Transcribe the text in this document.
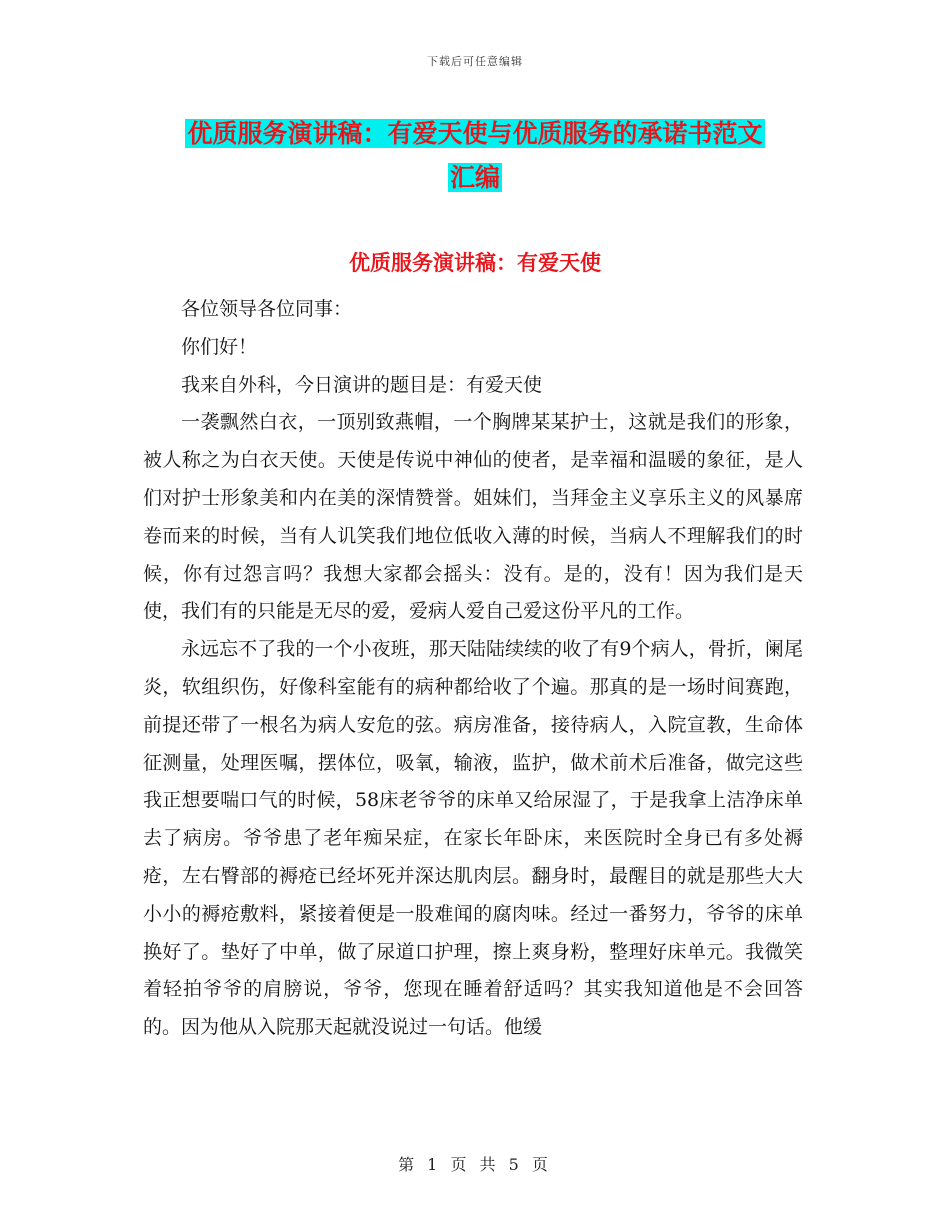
下载后可任意编辑
优质服务演讲稿：有爱天使与优质服务的承诺书范文
汇编
优质服务演讲稿：有爱天使

各位领导各位同事：

你们好！

我来自外科，今日演讲的题目是：有爱天使

一袭飘然白衣，一顶别致燕帽，一个胸牌某某护士，这就是我们的形象，被人称之为白衣天使。天使是传说中神仙的使者，是幸福和温暖的象征，是人们对护士形象美和内在美的深情赞誉。姐妹们，当拜金主义享乐主义的风暴席卷而来的时候，当有人讥笑我们地位低收入薄的时候，当病人不理解我们的时候，你有过怨言吗？我想大家都会摇头：没有。是的，没有！因为我们是天使，我们有的只能是无尽的爱，爱病人爱自己爱这份平凡的工作。

永远忘不了我的一个小夜班，那天陆陆续续的收了有9个病人，骨折，阑尾炎，软组织伤，好像科室能有的病种都给收了个遍。那真的是一场时间赛跑，前提还带了一根名为病人安危的弦。病房准备，接待病人，入院宣教，生命体征测量，处理医嘱，摆体位，吸氧，输液，监护，做术前术后准备，做完这些我正想要喘口气的时候，58床老爷爷的床单又给尿湿了，于是我拿上洁净床单去了病房。爷爷患了老年痴呆症，在家长年卧床，来医院时全身已有多处褥疮，左右臀部的褥疮已经坏死并深达肌肉层。翻身时，最醒目的就是那些大大小小的褥疮敷料，紧接着便是一股难闻的腐肉味。经过一番努力，爷爷的床单换好了。垫好了中单，做了尿道口护理，擦上爽身粉，整理好床单元。我微笑着轻拍爷爷的肩膀说，爷爷，您现在睡着舒适吗？其实我知道他是不会回答的。因为他从入院那天起就没说过一句话。他缓

第 1 页 共 5 页
